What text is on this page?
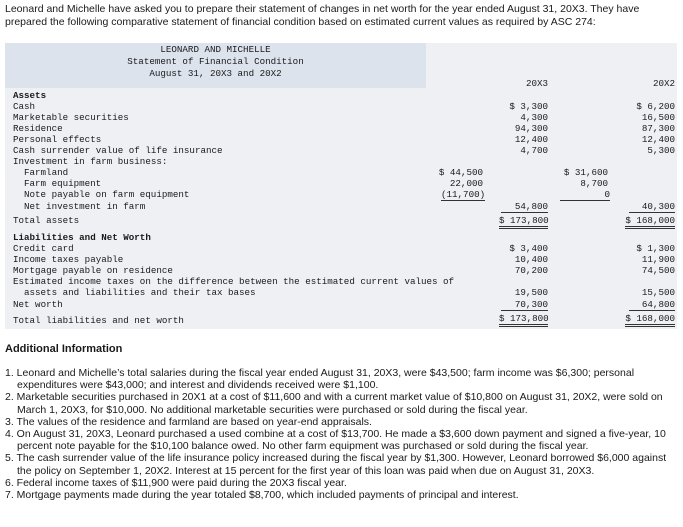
Leonard and Michelle have asked you to prepare their statement of changes in net worth for the year ended August 31, 20X3. They have prepared the following comparative statement of financial condition based on estimated current values as required by ASC 274:
LEONARD AND MICHELLE
Statement of Financial Condition
August 31, 20X3 and 20X2
20X3	20X2
Assets
Cash	$ 3,300	$ 6,200
Marketable securities	4,300	16,500
Residence	94,300	87,300
Personal effects	12,400	12,400
Cash surrender value of life insurance	4,700	5,300
Investment in farm business:
Farmland	$ 44,500	$ 31,600
Farm equipment	22,000	8,700
Note payable on farm equipment	(11,700)	0
Net investment in farm	54,800	40,300
Total assets	$ 173,800	$ 168,000
Liabilities and Net Worth
Credit card	$ 3,400	$ 1,300
Income taxes payable	10,400	11,900
Mortgage payable on residence	70,200	74,500
Estimated income taxes on the difference between the estimated current values of
assets and liabilities and their tax bases	19,500	15,500
Net worth	70,300	64,800
Total liabilities and net worth	$ 173,800	$ 168,000
Additional Information
1. Leonard and Michelle’s total salaries during the fiscal year ended August 31, 20X3, were $43,500; farm income was $6,300; personal expenditures were $43,000; and interest and dividends received were $1,100.
2. Marketable securities purchased in 20X1 at a cost of $11,600 and with a current market value of $10,800 on August 31, 20X2, were sold on March 1, 20X3, for $10,000. No additional marketable securities were purchased or sold during the fiscal year.
3. The values of the residence and farmland are based on year-end appraisals.
4. On August 31, 20X3, Leonard purchased a used combine at a cost of $13,700. He made a $3,600 down payment and signed a five-year, 10 percent note payable for the $10,100 balance owed. No other farm equipment was purchased or sold during the fiscal year.
5. The cash surrender value of the life insurance policy increased during the fiscal year by $1,300. However, Leonard borrowed $6,000 against the policy on September 1, 20X2. Interest at 15 percent for the first year of this loan was paid when due on August 31, 20X3.
6. Federal income taxes of $11,900 were paid during the 20X3 fiscal year.
7. Mortgage payments made during the year totaled $8,700, which included payments of principal and interest.
